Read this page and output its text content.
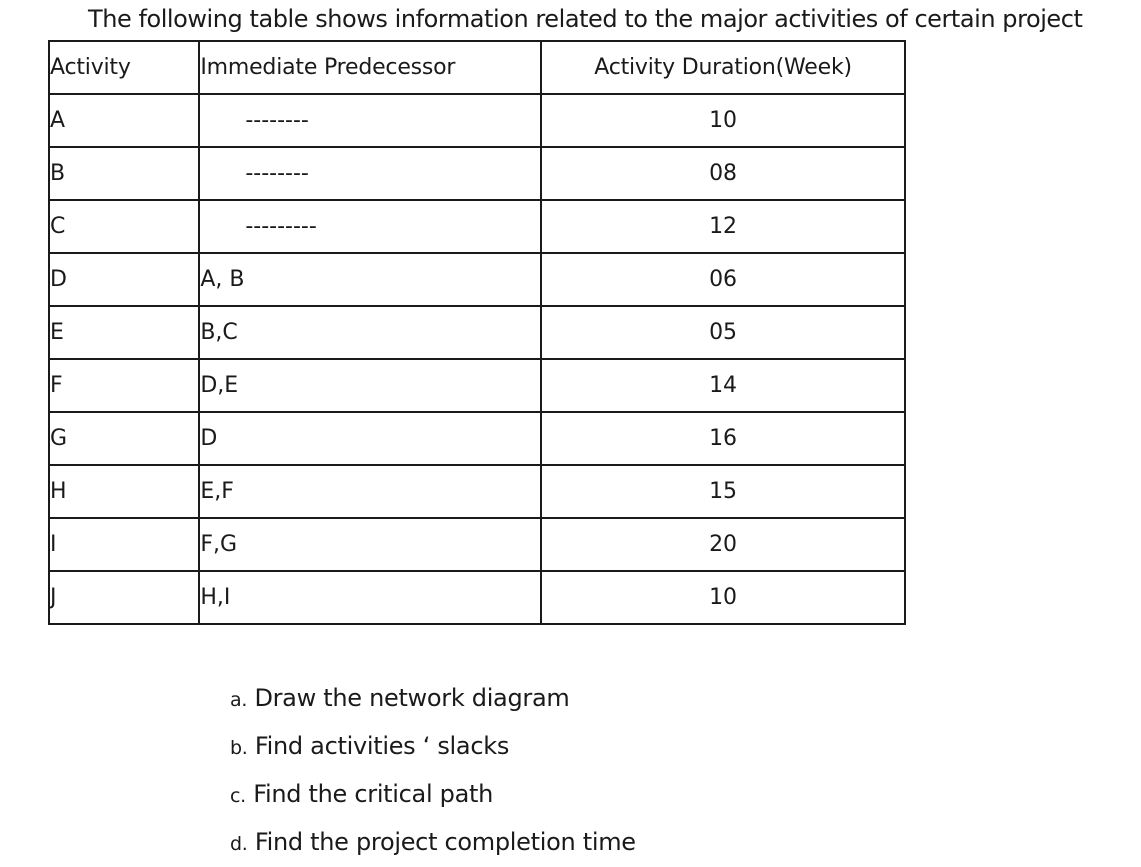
The following table shows information related to the major activities of certain project
Activity	Immediate Predecessor	Activity Duration(Week)
A	--------	10
B	--------	08
C	---------	12
D	A, B	06
E	B,C	05
F	D,E	14
G	D	16
H	E,F	15
I	F,G	20
J	H,I	10
a. Draw the network diagram
b. Find activities ‘ slacks
c. Find the critical path
d. Find the project completion time
